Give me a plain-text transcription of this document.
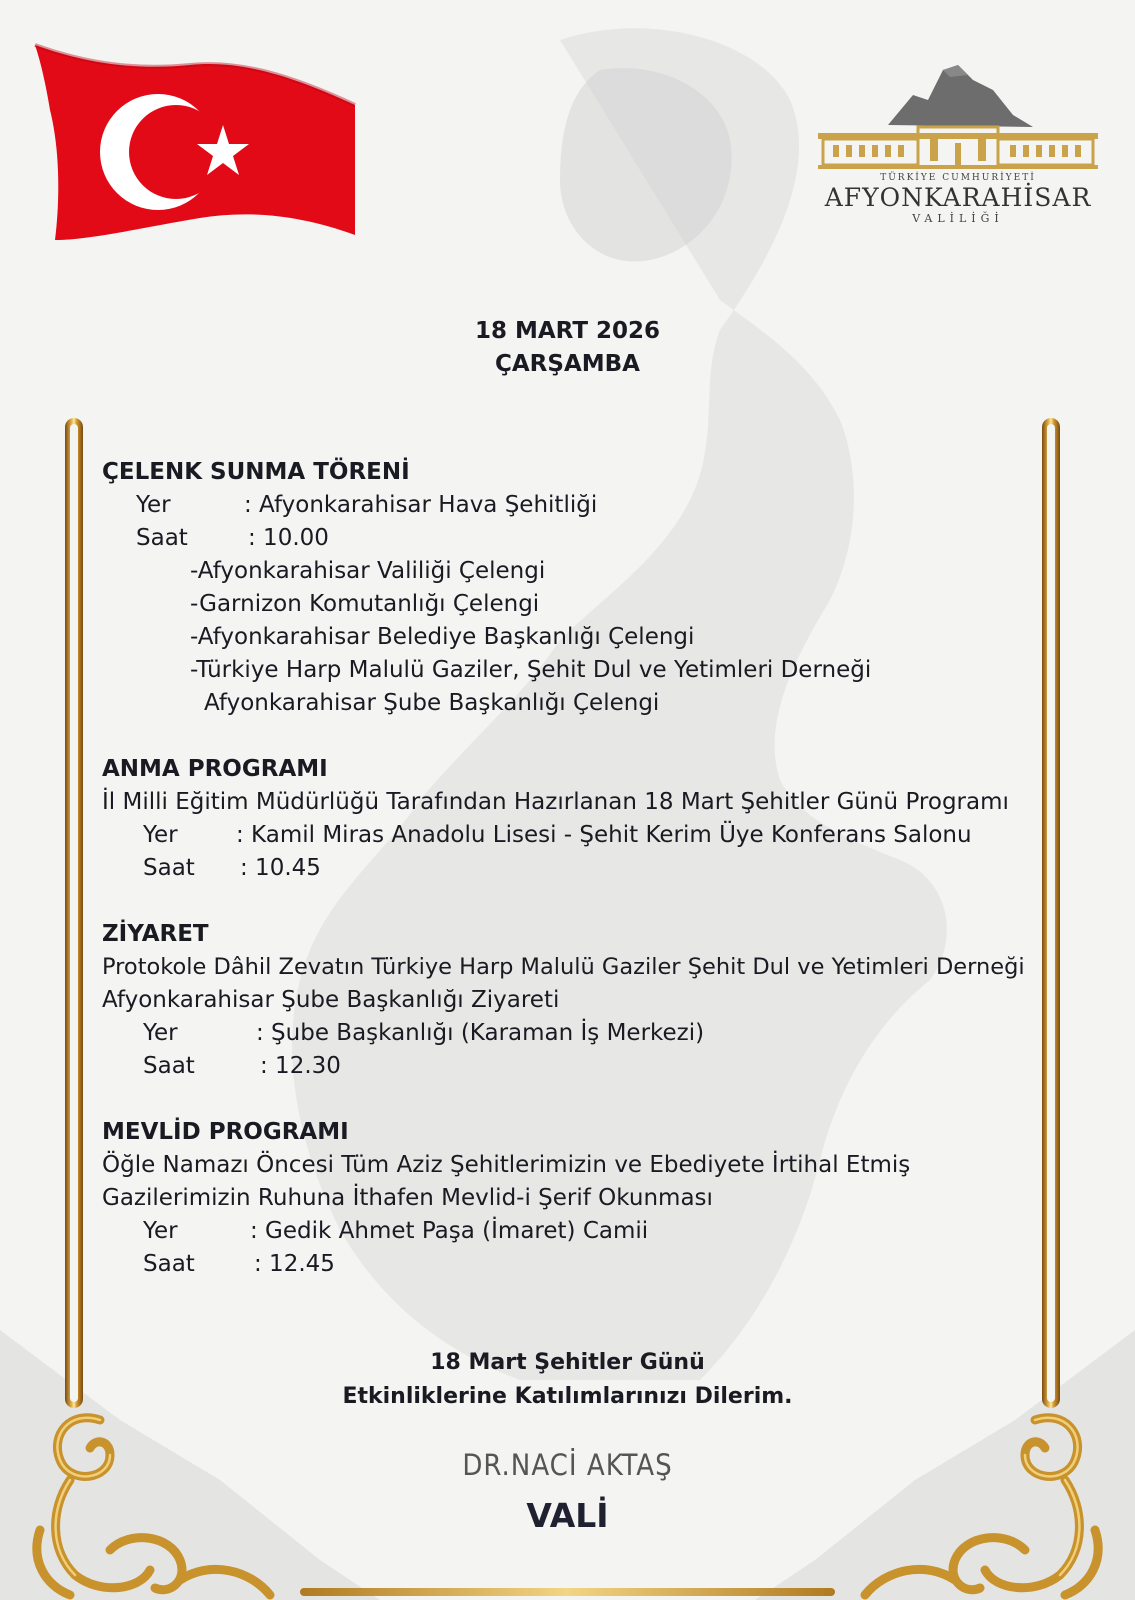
TÜRKİYE CUMHURİYETİ
AFYONKARAHİSAR
VALİLİĞİ
18 MART 2026
ÇARŞAMBA
ÇELENK SUNMA TÖRENİ
Yer	: Afyonkarahisar Hava Şehitliği
Saat	: 10.00
-Afyonkarahisar Valiliği Çelengi
-Garnizon Komutanlığı Çelengi
-Afyonkarahisar Belediye Başkanlığı Çelengi
-Türkiye Harp Malulü Gaziler, Şehit Dul ve Yetimleri Derneği
Afyonkarahisar Şube Başkanlığı Çelengi
ANMA PROGRAMI
İl Milli Eğitim Müdürlüğü Tarafından Hazırlanan 18 Mart Şehitler Günü Programı
Yer	: Kamil Miras Anadolu Lisesi - Şehit Kerim Üye Konferans Salonu
Saat : 10.45
ZİYARET
Protokole Dâhil Zevatın Türkiye Harp Malulü Gaziler Şehit Dul ve Yetimleri Derneği
Afyonkarahisar Şube Başkanlığı Ziyareti
Yer	: Şube Başkanlığı (Karaman İş Merkezi)
Saat	: 12.30
MEVLİD PROGRAMI
Öğle Namazı Öncesi Tüm Aziz Şehitlerimizin ve Ebediyete İrtihal Etmiş
Gazilerimizin Ruhuna İthafen Mevlid-i Şerif Okunması
Yer	: Gedik Ahmet Paşa (İmaret) Camii
Saat	: 12.45
18 Mart Şehitler Günü
Etkinliklerine Katılımlarınızı Dilerim.
DR.NACİ AKTAŞ
VALİ
